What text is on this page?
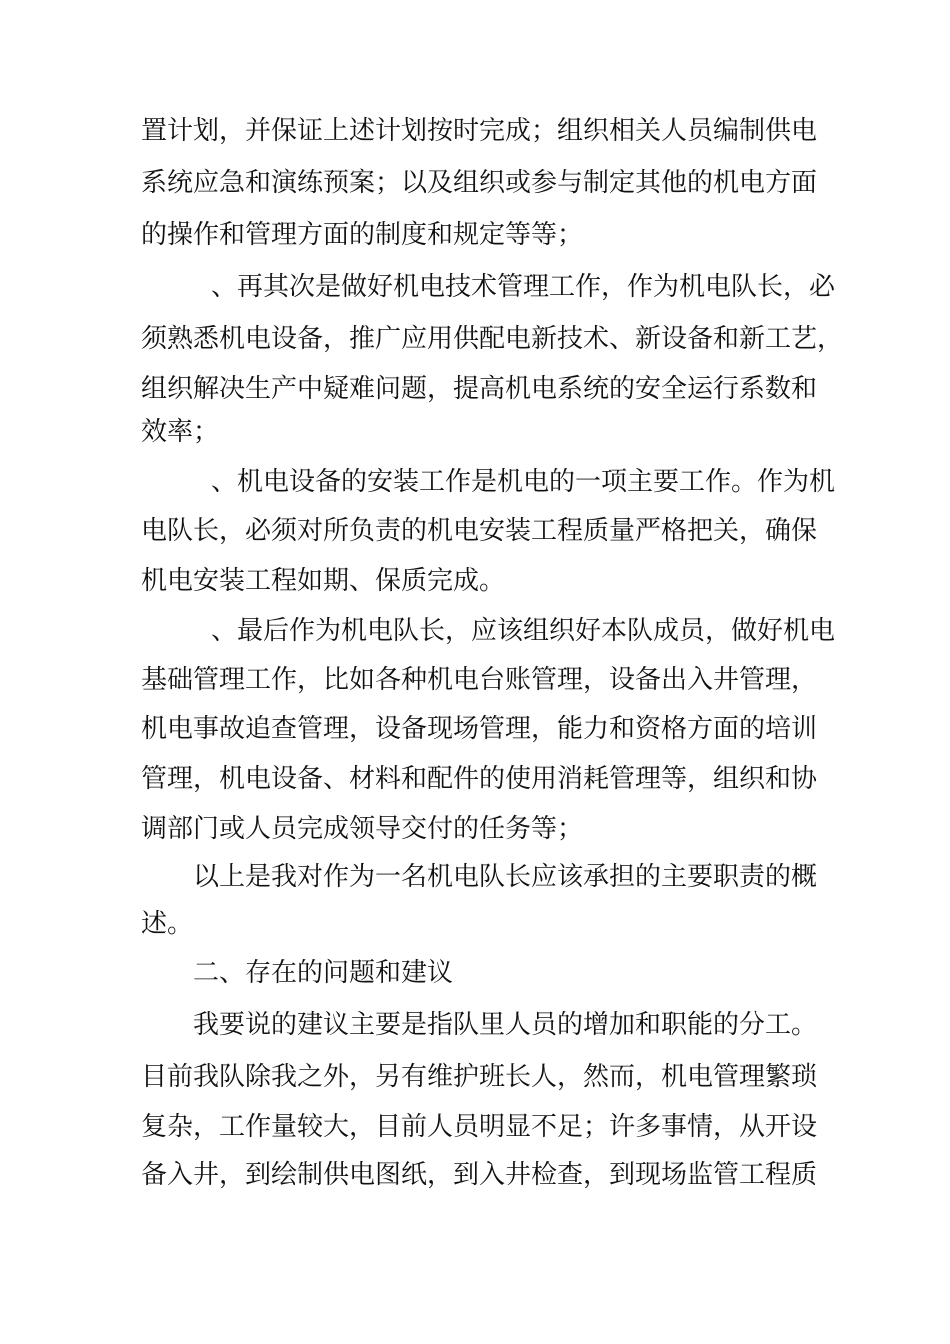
置计划，并保证上述计划按时完成；组织相关人员编制供电
系统应急和演练预案；以及组织或参与制定其他的机电方面
的操作和管理方面的制度和规定等等；
、再其次是做好机电技术管理工作，作为机电队长，必
须熟悉机电设备，推广应用供配电新技术、新设备和新工艺，
组织解决生产中疑难问题，提高机电系统的安全运行系数和
效率；
、机电设备的安装工作是机电的一项主要工作。作为机
电队长，必须对所负责的机电安装工程质量严格把关，确保
机电安装工程如期、保质完成。
、最后作为机电队长，应该组织好本队成员，做好机电
基础管理工作，比如各种机电台账管理，设备出入井管理，
机电事故追查管理，设备现场管理，能力和资格方面的培训
管理，机电设备、材料和配件的使用消耗管理等，组织和协
调部门或人员完成领导交付的任务等；
以上是我对作为一名机电队长应该承担的主要职责的概
述。
二、存在的问题和建议
我要说的建议主要是指队里人员的增加和职能的分工。
目前我队除我之外，另有维护班长人，然而，机电管理繁琐
复杂，工作量较大，目前人员明显不足；许多事情，从开设
备入井，到绘制供电图纸，到入井检查，到现场监管工程质
